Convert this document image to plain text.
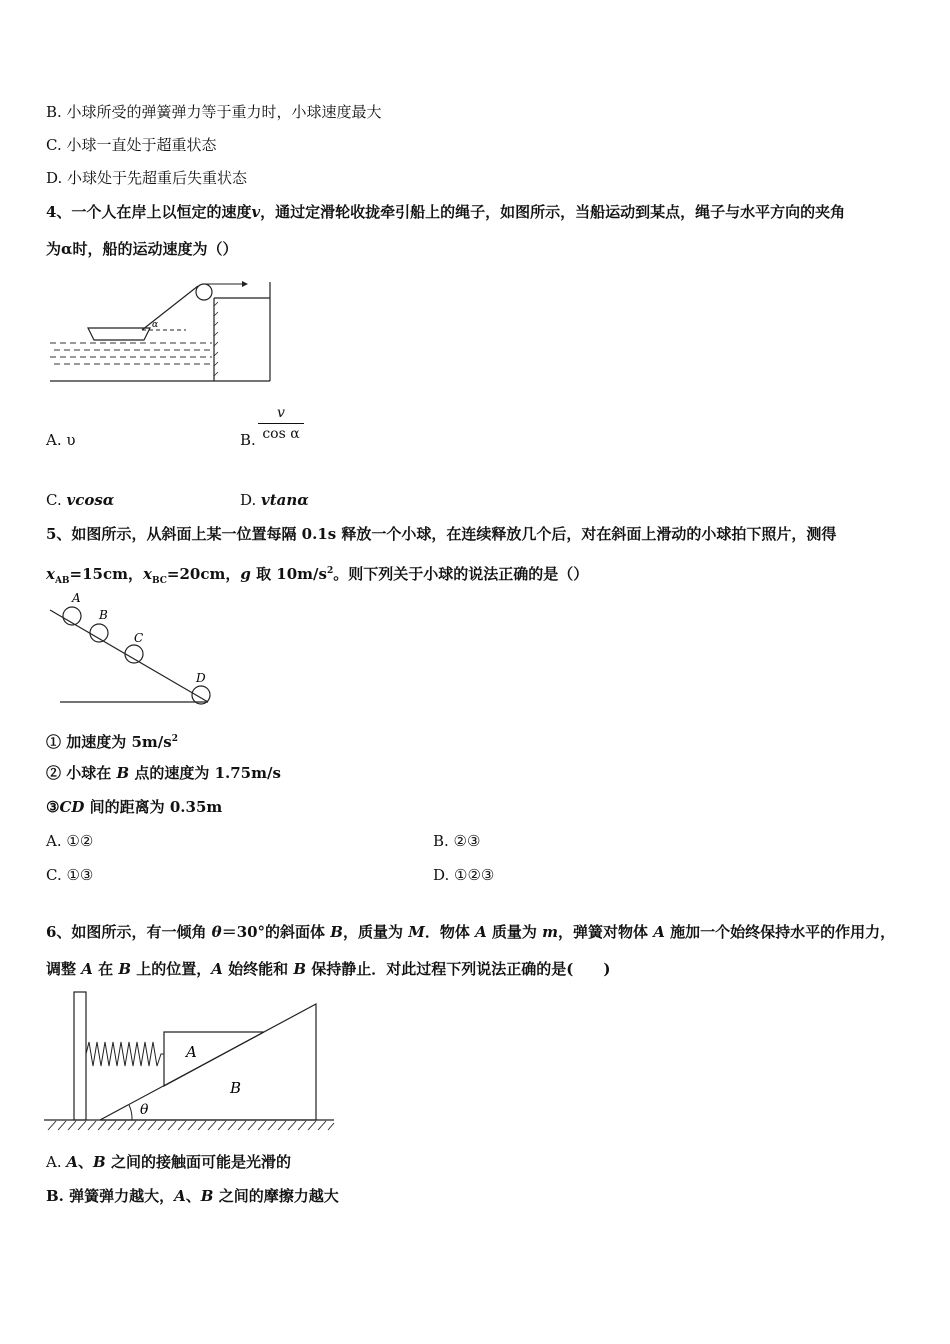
B. 小球所受的弹簧弹力等于重力时，小球速度最大
C. 小球一直处于超重状态
D. 小球处于先超重后失重状态
4、一个人在岸上以恒定的速度v，通过定滑轮收拢牵引船上的绳子，如图所示，当船运动到某点，绳子与水平方向的夹角
为α时，船的运动速度为（）
α
A. υ	B. $\frac{v}{\text{cos α}}$
C. vcosα	D. vtanα
5、如图所示，从斜面上某一位置每隔 0.1s 释放一个小球，在连续释放几个后，对在斜面上滑动的小球拍下照片，测得
$x_{AB}=15cm$，$x_{BC}=20cm$，g 取 $10m/s^2$。则下列关于小球的说法正确的是（）
A
B
C
D
① 加速度为 $5m/s^2$
② 小球在 B 点的速度为 1.75m/s
③CD 间的距离为 0.35m
A. ①②	B. ②③
C. ①③	D. ①②③
6、如图所示，有一倾角 θ＝30°的斜面体 B，质量为 M．物体 A 质量为 m，弹簧对物体 A 施加一个始终保持水平的作用力，
调整 A 在 B 上的位置，A 始终能和 B 保持静止．对此过程下列说法正确的是(　　)
A
B
θ
A. A、B 之间的接触面可能是光滑的
B. 弹簧弹力越大，A、B 之间的摩擦力越大
